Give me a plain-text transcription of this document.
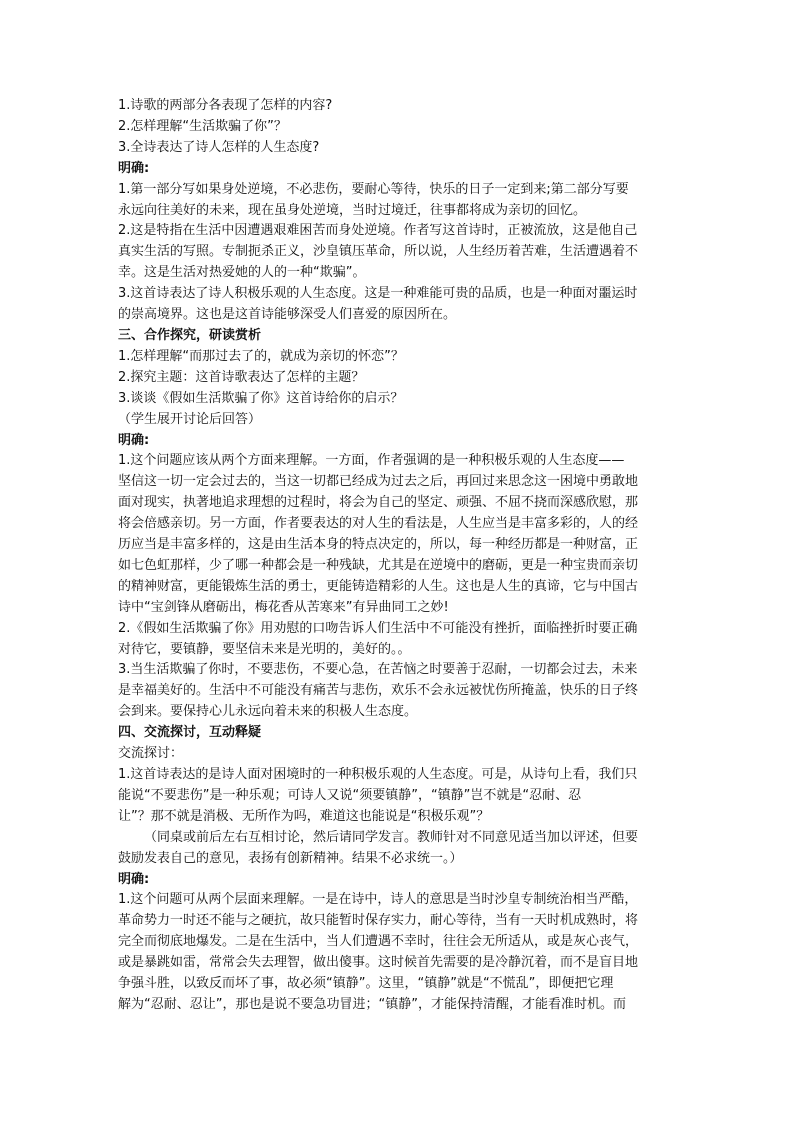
1.诗歌的两部分各表现了怎样的内容?
2.怎样理解“生活欺骗了你”？
3.全诗表达了诗人怎样的人生态度?
明确:
1.第一部分写如果身处逆境，不必悲伤，要耐心等待，快乐的日子一定到来;第二部分写要
永远向往美好的未来，现在虽身处逆境，当时过境迁，往事都将成为亲切的回忆。
2.这是特指在生活中因遭遇艰难困苦而身处逆境。作者写这首诗时，正被流放，这是他自己
真实生活的写照。专制扼杀正义，沙皇镇压革命，所以说，人生经历着苦难，生活遭遇着不
幸。这是生活对热爱她的人的一种“欺骗”。
3.这首诗表达了诗人积极乐观的人生态度。这是一种难能可贵的品质，也是一种面对噩运时
的崇高境界。这也是这首诗能够深受人们喜爱的原因所在。
三、合作探究，研读赏析
1.怎样理解“而那过去了的，就成为亲切的怀恋”？
2.探究主题：这首诗歌表达了怎样的主题？
3.谈谈《假如生活欺骗了你》这首诗给你的启示？
（学生展开讨论后回答）
明确:
1.这个问题应该从两个方面来理解。一方面，作者强调的是一种积极乐观的人生态度——
坚信这一切一定会过去的，当这一切都已经成为过去之后，再回过来思念这一困境中勇敢地
面对现实，执著地追求理想的过程时，将会为自己的坚定、顽强、不屈不挠而深感欣慰，那
将会倍感亲切。另一方面，作者要表达的对人生的看法是，人生应当是丰富多彩的，人的经
历应当是丰富多样的，这是由生活本身的特点决定的，所以，每一种经历都是一种财富，正
如七色虹那样，少了哪一种都会是一种残缺，尤其是在逆境中的磨砺，更是一种宝贵而亲切
的精神财富，更能锻炼生活的勇士，更能铸造精彩的人生。这也是人生的真谛，它与中国古
诗中“宝剑锋从磨砺出，梅花香从苦寒来”有异曲同工之妙!
2.《假如生活欺骗了你》用劝慰的口吻告诉人们生活中不可能没有挫折，面临挫折时要正确
对待它，要镇静，要坚信未来是光明的，美好的。。
3.当生活欺骗了你时，不要悲伤，不要心急，在苦恼之时要善于忍耐，一切都会过去，未来
是幸福美好的。生活中不可能没有痛苦与悲伤，欢乐不会永远被忧伤所掩盖，快乐的日子终
会到来。要保持心儿永远向着未来的积极人生态度。
四、交流探讨，互动释疑
交流探讨：
1.这首诗表达的是诗人面对困境时的一种积极乐观的人生态度。可是，从诗句上看，我们只
能说“不要悲伤”是一种乐观；可诗人又说“须要镇静”，“镇静”岂不就是“忍耐、忍
让”？那不就是消极、无所作为吗，难道这也能说是“积极乐观”？
（同桌或前后左右互相讨论，然后请同学发言。教师针对不同意见适当加以评述，但要
鼓励发表自己的意见，表扬有创新精神。结果不必求统一。）
明确:
1.这个问题可从两个层面来理解。一是在诗中，诗人的意思是当时沙皇专制统治相当严酷，
革命势力一时还不能与之硬抗，故只能暂时保存实力，耐心等待，当有一天时机成熟时，将
完全而彻底地爆发。二是在生活中，当人们遭遇不幸时，往往会无所适从，或是灰心丧气，
或是暴跳如雷，常常会失去理智，做出傻事。这时候首先需要的是冷静沉着，而不是盲目地
争强斗胜，以致反而坏了事，故必须“镇静”。这里，“镇静”就是“不慌乱”，即便把它理
解为“忍耐、忍让”，那也是说不要急功冒进；“镇静”，才能保持清醒，才能看准时机。而
